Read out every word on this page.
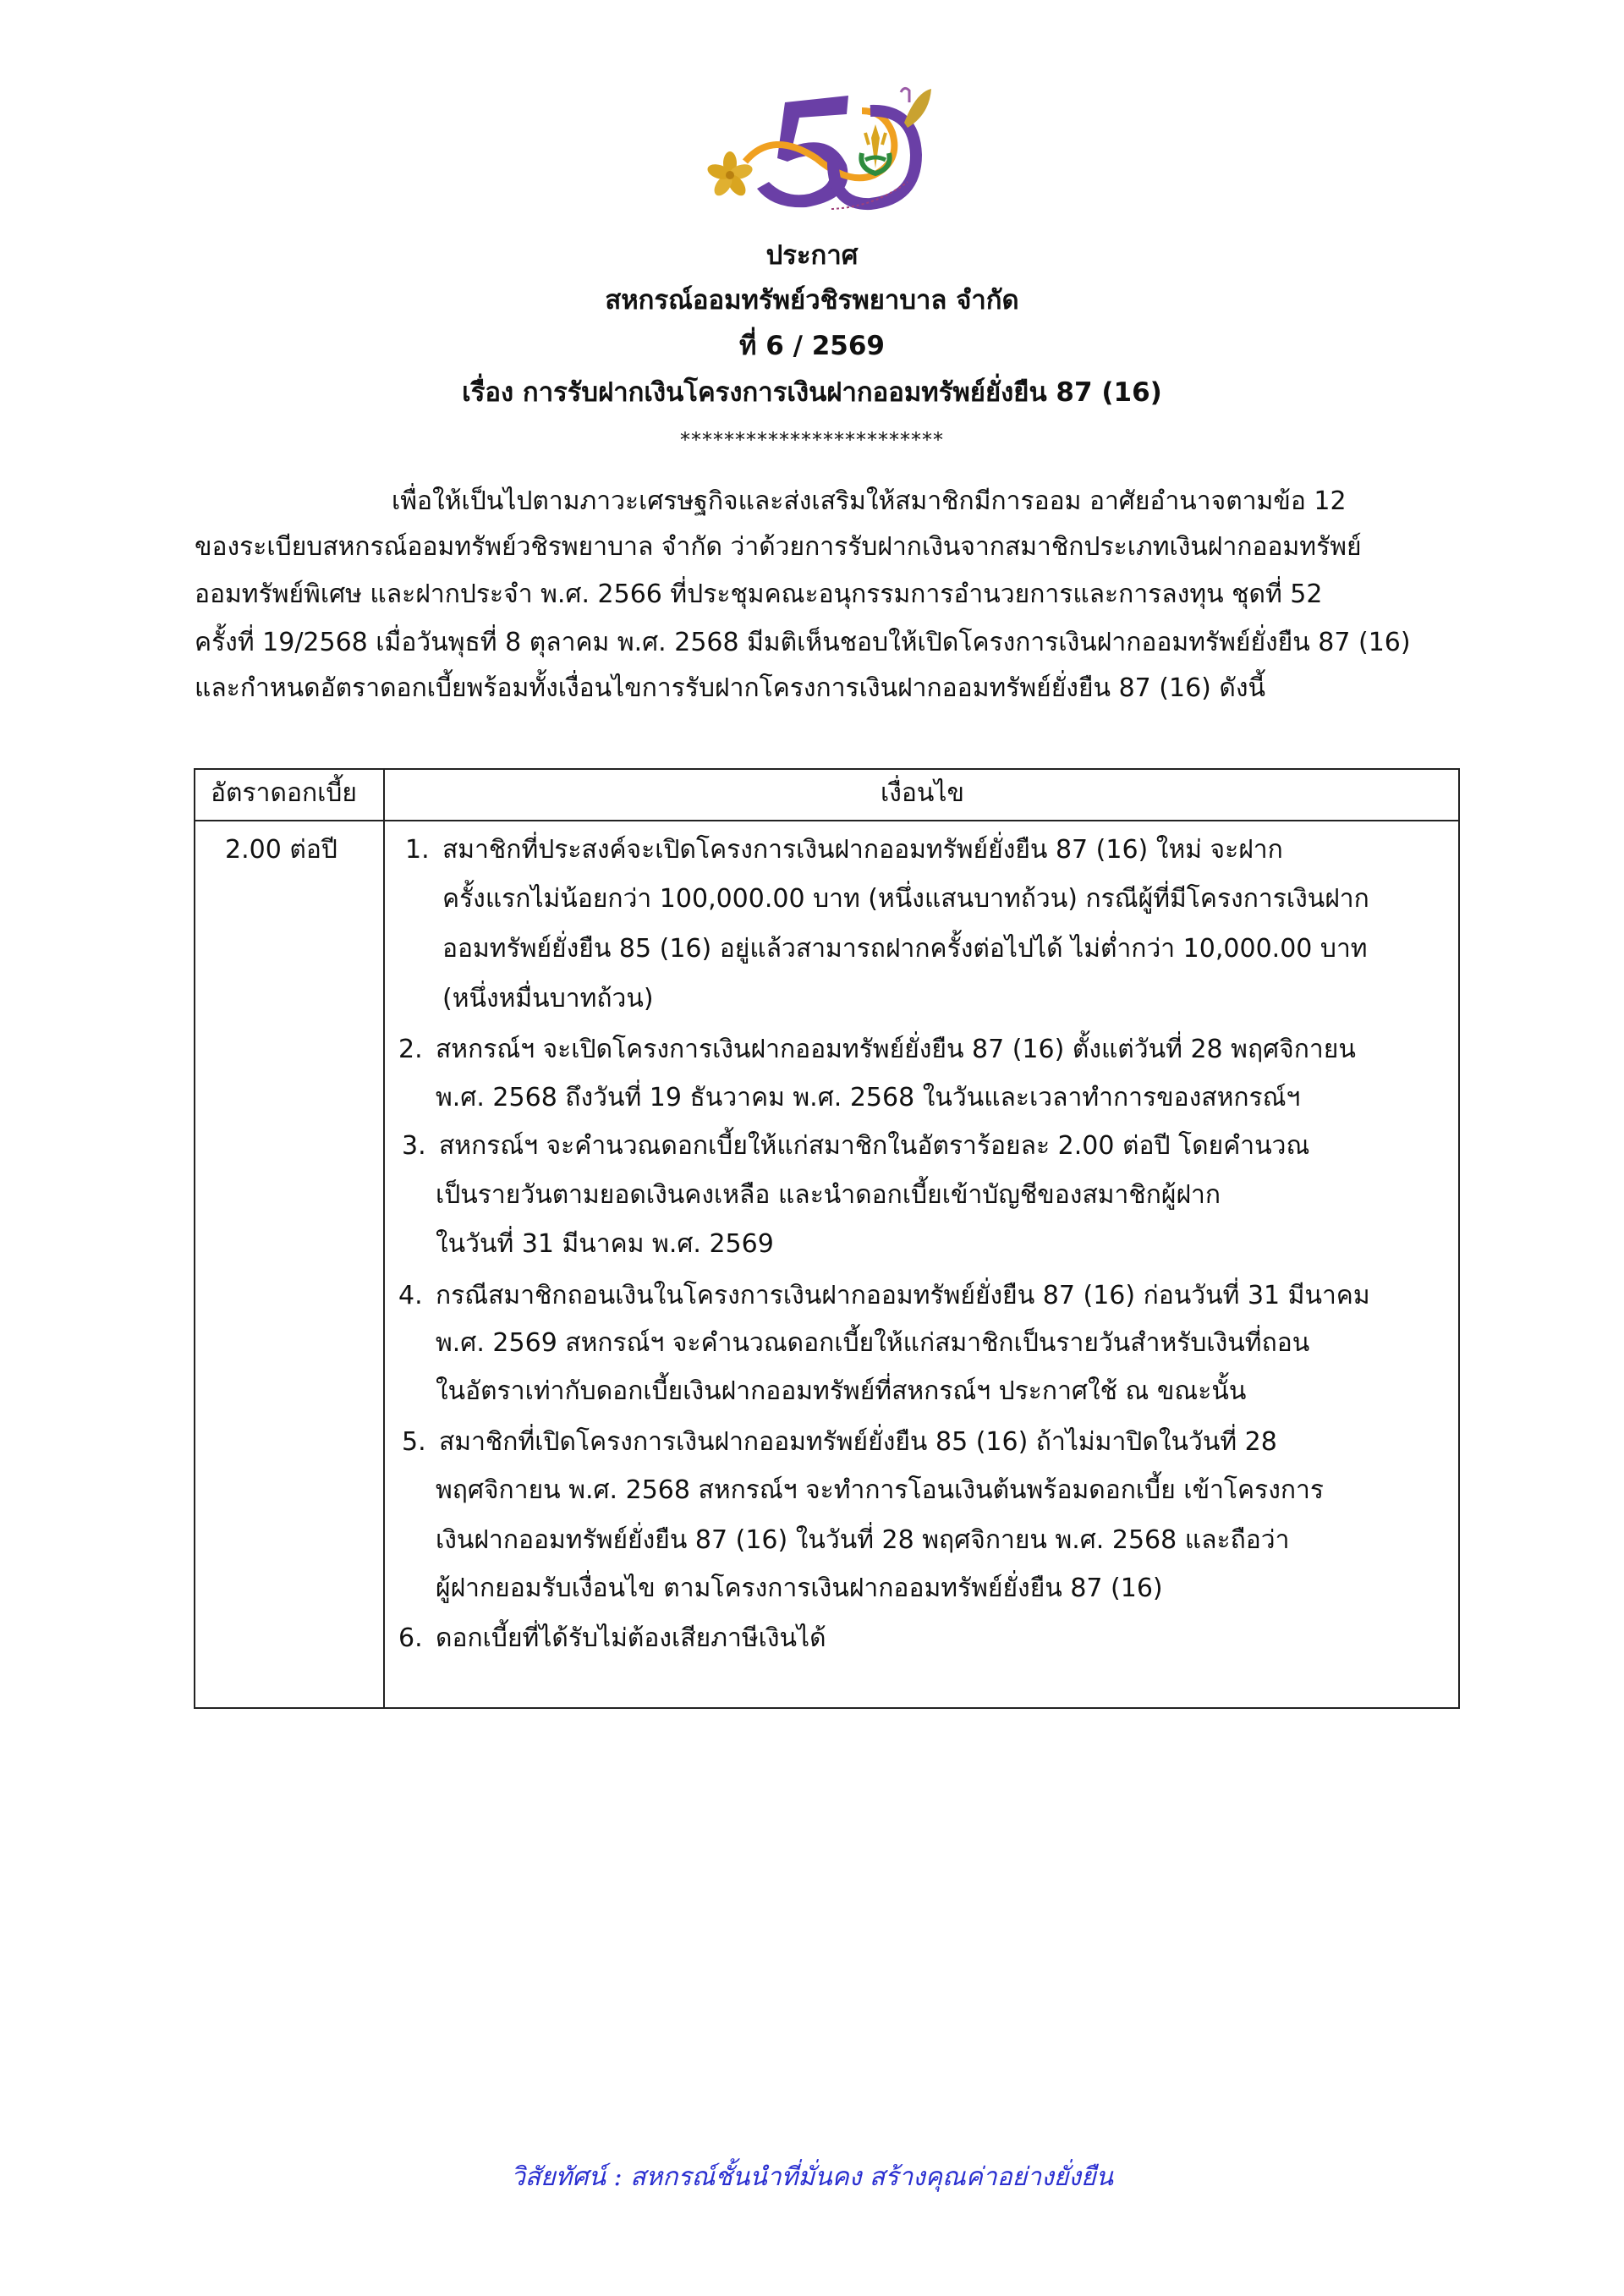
ประกาศ
สหกรณ์ออมทรัพย์วชิรพยาบาล จำกัด
ที่ 6 / 2569
เรื่อง การรับฝากเงินโครงการเงินฝากออมทรัพย์ยั่งยืน 87 (16)
************************
เพื่อให้เป็นไปตามภาวะเศรษฐกิจและส่งเสริมให้สมาชิกมีการออม อาศัยอำนาจตามข้อ 12
ของระเบียบสหกรณ์ออมทรัพย์วชิรพยาบาล จำกัด ว่าด้วยการรับฝากเงินจากสมาชิกประเภทเงินฝากออมทรัพย์
ออมทรัพย์พิเศษ และฝากประจำ พ.ศ. 2566 ที่ประชุมคณะอนุกรรมการอำนวยการและการลงทุน ชุดที่ 52
ครั้งที่ 19/2568 เมื่อวันพุธที่ 8 ตุลาคม พ.ศ. 2568 มีมติเห็นชอบให้เปิดโครงการเงินฝากออมทรัพย์ยั่งยืน 87 (16)
และกำหนดอัตราดอกเบี้ยพร้อมทั้งเงื่อนไขการรับฝากโครงการเงินฝากออมทรัพย์ยั่งยืน 87 (16) ดังนี้
อัตราดอกเบี้ย	เงื่อนไข
2.00 ต่อปี	1. สมาชิกที่ประสงค์จะเปิดโครงการเงินฝากออมทรัพย์ยั่งยืน 87 (16) ใหม่ จะฝาก
ครั้งแรกไม่น้อยกว่า 100,000.00 บาท (หนึ่งแสนบาทถ้วน) กรณีผู้ที่มีโครงการเงินฝาก
ออมทรัพย์ยั่งยืน 85 (16) อยู่แล้วสามารถฝากครั้งต่อไปได้ ไม่ต่ำกว่า 10,000.00 บาท
(หนึ่งหมื่นบาทถ้วน)
2. สหกรณ์ฯ จะเปิดโครงการเงินฝากออมทรัพย์ยั่งยืน 87 (16) ตั้งแต่วันที่ 28 พฤศจิกายน
พ.ศ. 2568 ถึงวันที่ 19 ธันวาคม พ.ศ. 2568 ในวันและเวลาทำการของสหกรณ์ฯ
3. สหกรณ์ฯ จะคำนวณดอกเบี้ยให้แก่สมาชิกในอัตราร้อยละ 2.00 ต่อปี โดยคำนวณ
เป็นรายวันตามยอดเงินคงเหลือ และนำดอกเบี้ยเข้าบัญชีของสมาชิกผู้ฝาก
ในวันที่ 31 มีนาคม พ.ศ. 2569
4. กรณีสมาชิกถอนเงินในโครงการเงินฝากออมทรัพย์ยั่งยืน 87 (16) ก่อนวันที่ 31 มีนาคม
พ.ศ. 2569 สหกรณ์ฯ จะคำนวณดอกเบี้ยให้แก่สมาชิกเป็นรายวันสำหรับเงินที่ถอน
ในอัตราเท่ากับดอกเบี้ยเงินฝากออมทรัพย์ที่สหกรณ์ฯ ประกาศใช้ ณ ขณะนั้น
5. สมาชิกที่เปิดโครงการเงินฝากออมทรัพย์ยั่งยืน 85 (16) ถ้าไม่มาปิดในวันที่ 28
พฤศจิกายน พ.ศ. 2568 สหกรณ์ฯ จะทำการโอนเงินต้นพร้อมดอกเบี้ย เข้าโครงการ
เงินฝากออมทรัพย์ยั่งยืน 87 (16) ในวันที่ 28 พฤศจิกายน พ.ศ. 2568 และถือว่า
ผู้ฝากยอมรับเงื่อนไข ตามโครงการเงินฝากออมทรัพย์ยั่งยืน 87 (16)
6. ดอกเบี้ยที่ได้รับไม่ต้องเสียภาษีเงินได้
วิสัยทัศน์ : สหกรณ์ชั้นนำที่มั่นคง สร้างคุณค่าอย่างยั่งยืน
